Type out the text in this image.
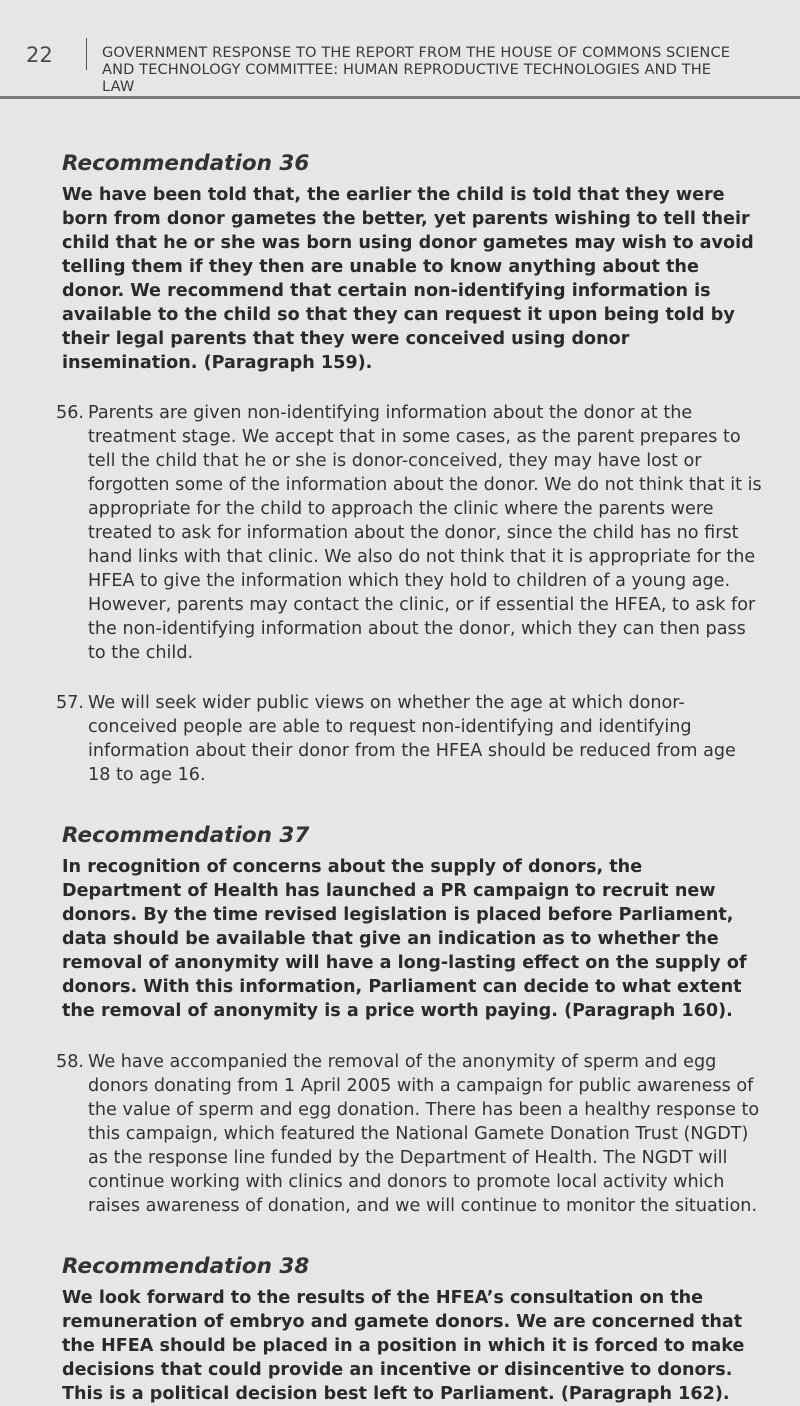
22	GOVERNMENT RESPONSE TO THE REPORT FROM THE HOUSE OF COMMONS SCIENCE AND TECHNOLOGY COMMITTEE: HUMAN REPRODUCTIVE TECHNOLOGIES AND THE LAW
Recommendation 36

We have been told that, the earlier the child is told that they were born from donor gametes the better, yet parents wishing to tell their child that he or she was born using donor gametes may wish to avoid telling them if they then are unable to know anything about the donor. We recommend that certain non-identifying information is available to the child so that they can request it upon being told by their legal parents that they were conceived using donor insemination. (Paragraph 159).

56. Parents are given non-identifying information about the donor at the treatment stage. We accept that in some cases, as the parent prepares to tell the child that he or she is donor-conceived, they may have lost or forgotten some of the information about the donor. We do not think that it is appropriate for the child to approach the clinic where the parents were treated to ask for information about the donor, since the child has no first hand links with that clinic. We also do not think that it is appropriate for the HFEA to give the information which they hold to children of a young age. However, parents may contact the clinic, or if essential the HFEA, to ask for the non-identifying information about the donor, which they can then pass to the child.
57. We will seek wider public views on whether the age at which donor-conceived people are able to request non-identifying and identifying information about their donor from the HFEA should be reduced from age 18 to age 16.
Recommendation 37

In recognition of concerns about the supply of donors, the Department of Health has launched a PR campaign to recruit new donors. By the time revised legislation is placed before Parliament, data should be available that give an indication as to whether the removal of anonymity will have a long-lasting effect on the supply of donors. With this information, Parliament can decide to what extent the removal of anonymity is a price worth paying. (Paragraph 160).

58. We have accompanied the removal of the anonymity of sperm and egg donors donating from 1 April 2005 with a campaign for public awareness of the value of sperm and egg donation. There has been a healthy response to this campaign, which featured the National Gamete Donation Trust (NGDT) as the response line funded by the Department of Health. The NGDT will continue working with clinics and donors to promote local activity which raises awareness of donation, and we will continue to monitor the situation.
Recommendation 38

We look forward to the results of the HFEA’s consultation on the remuneration of embryo and gamete donors. We are concerned that the HFEA should be placed in a position in which it is forced to make decisions that could provide an incentive or disincentive to donors. This is a political decision best left to Parliament. (Paragraph 162).
